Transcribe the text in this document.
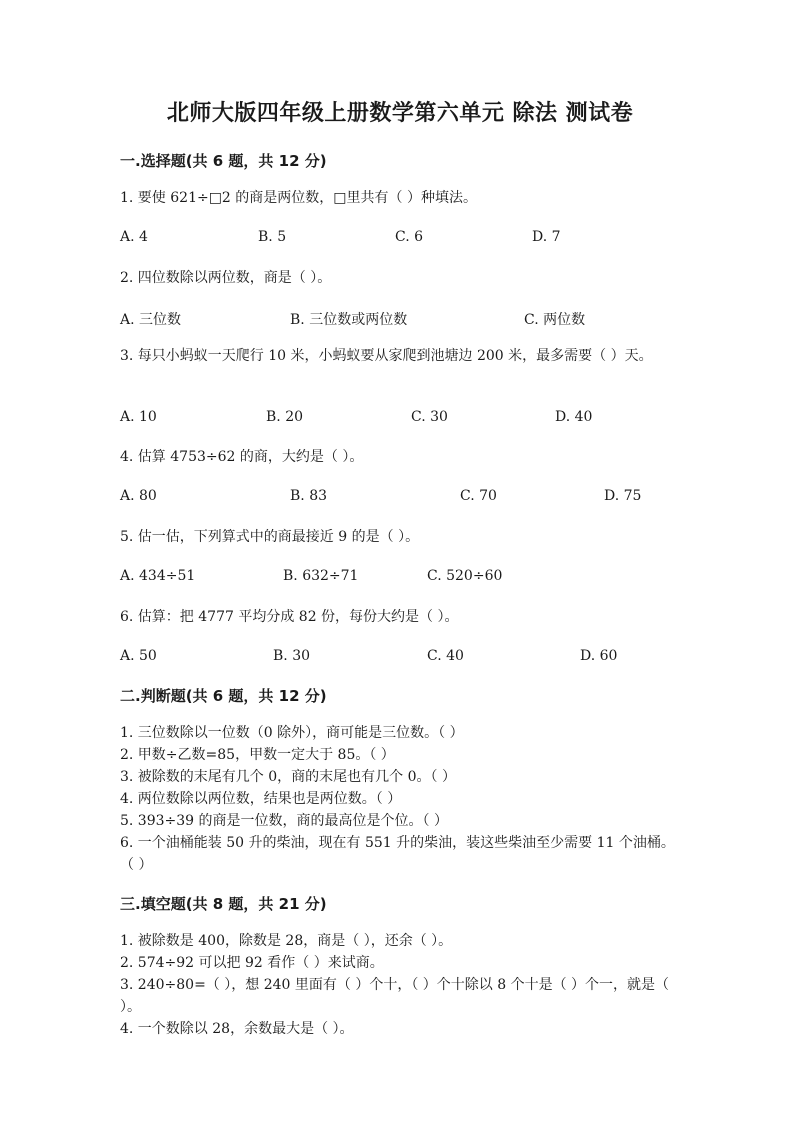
北师大版四年级上册数学第六单元 除法 测试卷
一.选择题(共 6 题，共 12 分)
1. 要使 621÷□2 的商是两位数，□里共有（ ）种填法。
A. 4	B. 5	C. 6	D. 7
2. 四位数除以两位数，商是（ ）。
A. 三位数	B. 三位数或两位数	C. 两位数
3. 每只小蚂蚁一天爬行 10 米，小蚂蚁要从家爬到池塘边 200 米，最多需要（ ）天。
A. 10	B. 20	C. 30	D. 40
4. 估算 4753÷62 的商，大约是（ ）。
A. 80	B. 83	C. 70	D. 75
5. 估一估，下列算式中的商最接近 9 的是（ ）。
A. 434÷51	B. 632÷71	C. 520÷60
6. 估算：把 4777 平均分成 82 份，每份大约是（ ）。
A. 50	B. 30	C. 40	D. 60
二.判断题(共 6 题，共 12 分)
1. 三位数除以一位数（0 除外），商可能是三位数。（ ）
2. 甲数÷乙数=85，甲数一定大于 85。（ ）
3. 被除数的末尾有几个 0，商的末尾也有几个 0。（ ）
4. 两位数除以两位数，结果也是两位数。（ ）
5. 393÷39 的商是一位数，商的最高位是个位。（ ）
6. 一个油桶能装 50 升的柴油，现在有 551 升的柴油，装这些柴油至少需要 11 个油桶。（ ）
三.填空题(共 8 题，共 21 分)
1. 被除数是 400，除数是 28，商是（ ），还余（ ）。
2. 574÷92 可以把 92 看作（ ）来试商。
3. 240÷80=（ ），想 240 里面有（ ）个十，（ ）个十除以 8 个十是（ ）个一，就是（ ）。
4. 一个数除以 28，余数最大是（ ）。
